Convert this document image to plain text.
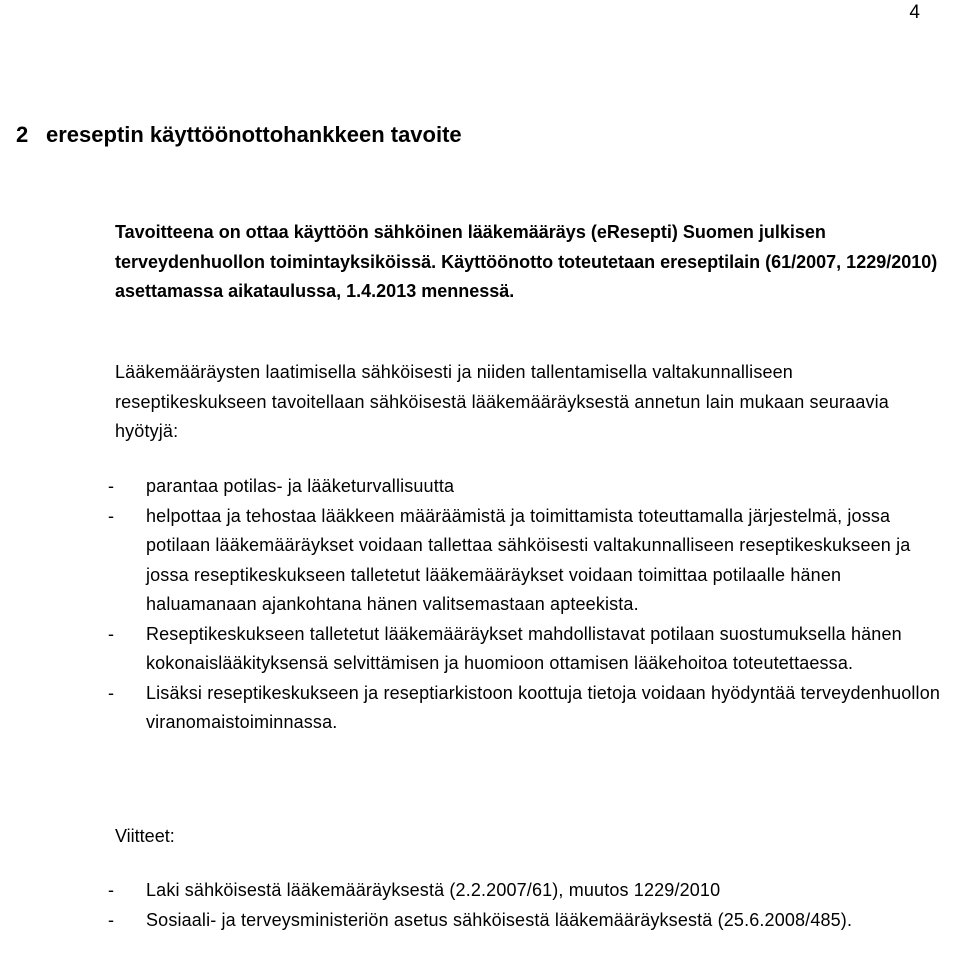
4
2 ereseptin käyttöönottohankkeen tavoite
Tavoitteena on ottaa käyttöön sähköinen lääkemääräys (eResepti) Suomen julkisen terveydenhuollon toimintayksiköissä. Käyttöönotto toteutetaan ereseptilain (61/2007, 1229/2010) asettamassa aikataulussa, 1.4.2013 mennessä.
Lääkemääräysten laatimisella sähköisesti ja niiden tallentamisella valtakunnalliseen reseptikeskukseen tavoitellaan sähköisestä lääkemääräyksestä annetun lain mukaan seuraavia hyötyjä:
- parantaa potilas- ja lääketurvallisuutta
- helpottaa ja tehostaa lääkkeen määräämistä ja toimittamista toteuttamalla järjestelmä, jossa potilaan lääkemääräykset voidaan tallettaa sähköisesti valtakunnalliseen reseptikeskukseen ja jossa reseptikeskukseen talletetut lääkemääräykset voidaan toimittaa potilaalle hänen haluamanaan ajankohtana hänen valitsemastaan apteekista.
- Reseptikeskukseen talletetut lääkemääräykset mahdollistavat potilaan suostumuksella hänen kokonaislääkityksensä selvittämisen ja huomioon ottamisen lääkehoitoa toteutettaessa.
- Lisäksi reseptikeskukseen ja reseptiarkistoon koottuja tietoja voidaan hyödyntää terveydenhuollon viranomaistoiminnassa.
Viitteet:
- Laki sähköisestä lääkemääräyksestä (2.2.2007/61), muutos 1229/2010
- Sosiaali- ja terveysministeriön asetus sähköisestä lääkemääräyksestä (25.6.2008/485).
